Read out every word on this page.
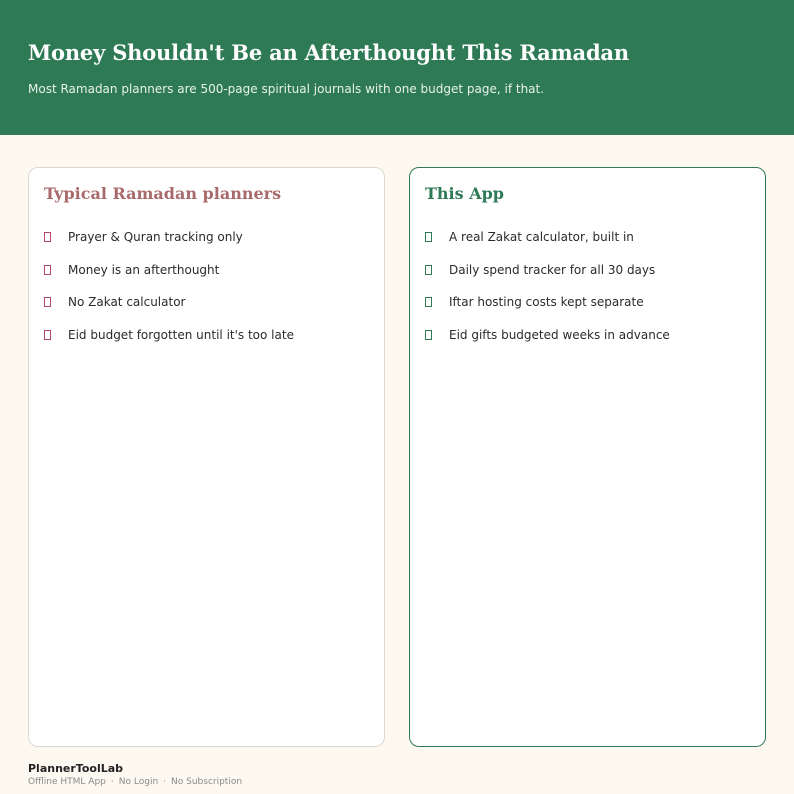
Money Shouldn't Be an Afterthought This Ramadan

Most Ramadan planners are 500-page spiritual journals with one budget page, if that.

Typical Ramadan planners
Prayer & Quran tracking only
Money is an afterthought
No Zakat calculator
Eid budget forgotten until it's too late
This App
A real Zakat calculator, built in
Daily spend tracker for all 30 days
Iftar hosting costs kept separate
Eid gifts budgeted weeks in advance
PlannerToolLab
Offline HTML App · No Login · No Subscription
